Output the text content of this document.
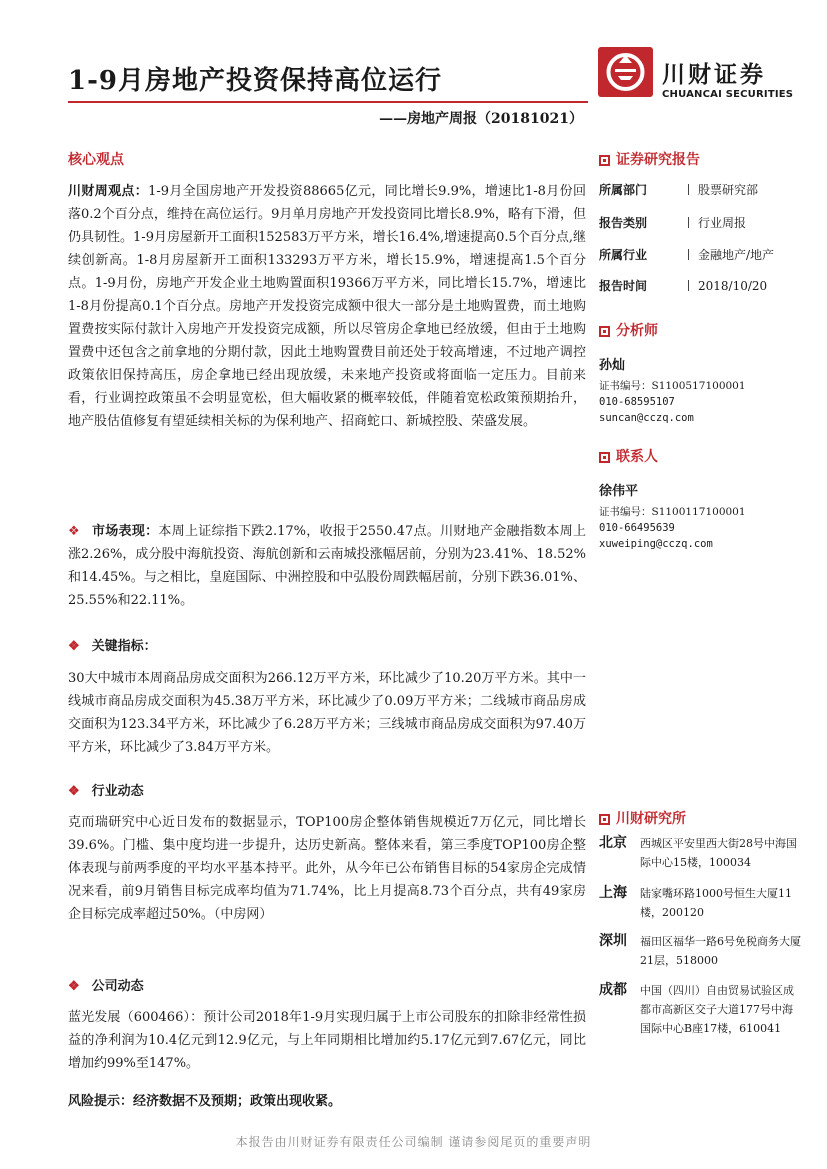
1-9月房地产投资保持高位运行
——房地产周报（20181021）
川财证券
CHUANCAI SECURITIES
核心观点

川财周观点：1-9月全国房地产开发投资88665亿元，同比增长9.9%，增速比1-8月份回落0.2个百分点，维持在高位运行。9月单月房地产开发投资同比增长8.9%，略有下滑，但仍具韧性。1-9月房屋新开工面积152583万平方米，增长16.4%,增速提高0.5个百分点,继续创新高。1-8月房屋新开工面积133293万平方米，增长15.9%，增速提高1.5个百分点。1-9月份，房地产开发企业土地购置面积19366万平方米，同比增长15.7%，增速比1-8月份提高0.1个百分点。房地产开发投资完成额中很大一部分是土地购置费，而土地购置费按实际付款计入房地产开发投资完成额，所以尽管房企拿地已经放缓，但由于土地购置费中还包含之前拿地的分期付款，因此土地购置费目前还处于较高增速，不过地产调控政策依旧保持高压，房企拿地已经出现放缓，未来地产投资或将面临一定压力。目前来看，行业调控政策虽不会明显宽松，但大幅收紧的概率较低，伴随着宽松政策预期抬升，地产股估值修复有望延续相关标的为保利地产、招商蛇口、新城控股、荣盛发展。

❖ 市场表现：本周上证综指下跌2.17%，收报于2550.47点。川财地产金融指数本周上涨2.26%，成分股中海航投资、海航创新和云南城投涨幅居前，分别为23.41%、18.52%和14.45%。与之相比，皇庭国际、中洲控股和中弘股份周跌幅居前，分别下跌36.01%、25.55%和22.11%。

❖ 关键指标：

30大中城市本周商品房成交面积为266.12万平方米，环比减少了10.20万平方米。其中一线城市商品房成交面积为45.38万平方米，环比减少了0.09万平方米；二线城市商品房成交面积为123.34平方米，环比减少了6.28万平方米；三线城市商品房成交面积为97.40万平方米，环比减少了3.84万平方米。

❖ 行业动态

克而瑞研究中心近日发布的数据显示，TOP100房企整体销售规模近7万亿元，同比增长39.6%。门槛、集中度均进一步提升，达历史新高。整体来看，第三季度TOP100房企整体表现与前两季度的平均水平基本持平。此外，从今年已公布销售目标的54家房企完成情况来看，前9月销售目标完成率均值为71.74%，比上月提高8.73个百分点，共有49家房企目标完成率超过50%。（中房网）

❖ 公司动态

蓝光发展（600466）：预计公司2018年1-9月实现归属于上市公司股东的扣除非经常性损益的净利润为10.4亿元到12.9亿元，与上年同期相比增加约5.17亿元到7.67亿元，同比增加约99%至147%。

风险提示：经济数据不及预期；政策出现收紧。
证券研究报告
所属部门	股票研究部
报告类别	行业周报
所属行业	金融地产/地产
报告时间	2018/10/20
分析师
孙灿
证书编号：S1100517100001
010-68595107
suncan@cczq.com
联系人
徐伟平
证书编号：S1100117100001
010-66495639
xuweiping@cczq.com
川财研究所
北京 西城区平安里西大街28号中海国际中心15楼，100034
上海 陆家嘴环路1000号恒生大厦11楼，200120
深圳 福田区福华一路6号免税商务大厦21层，518000
成都 中国（四川）自由贸易试验区成都市高新区交子大道177号中海国际中心B座17楼，610041
本报告由川财证券有限责任公司编制 谨请参阅尾页的重要声明
